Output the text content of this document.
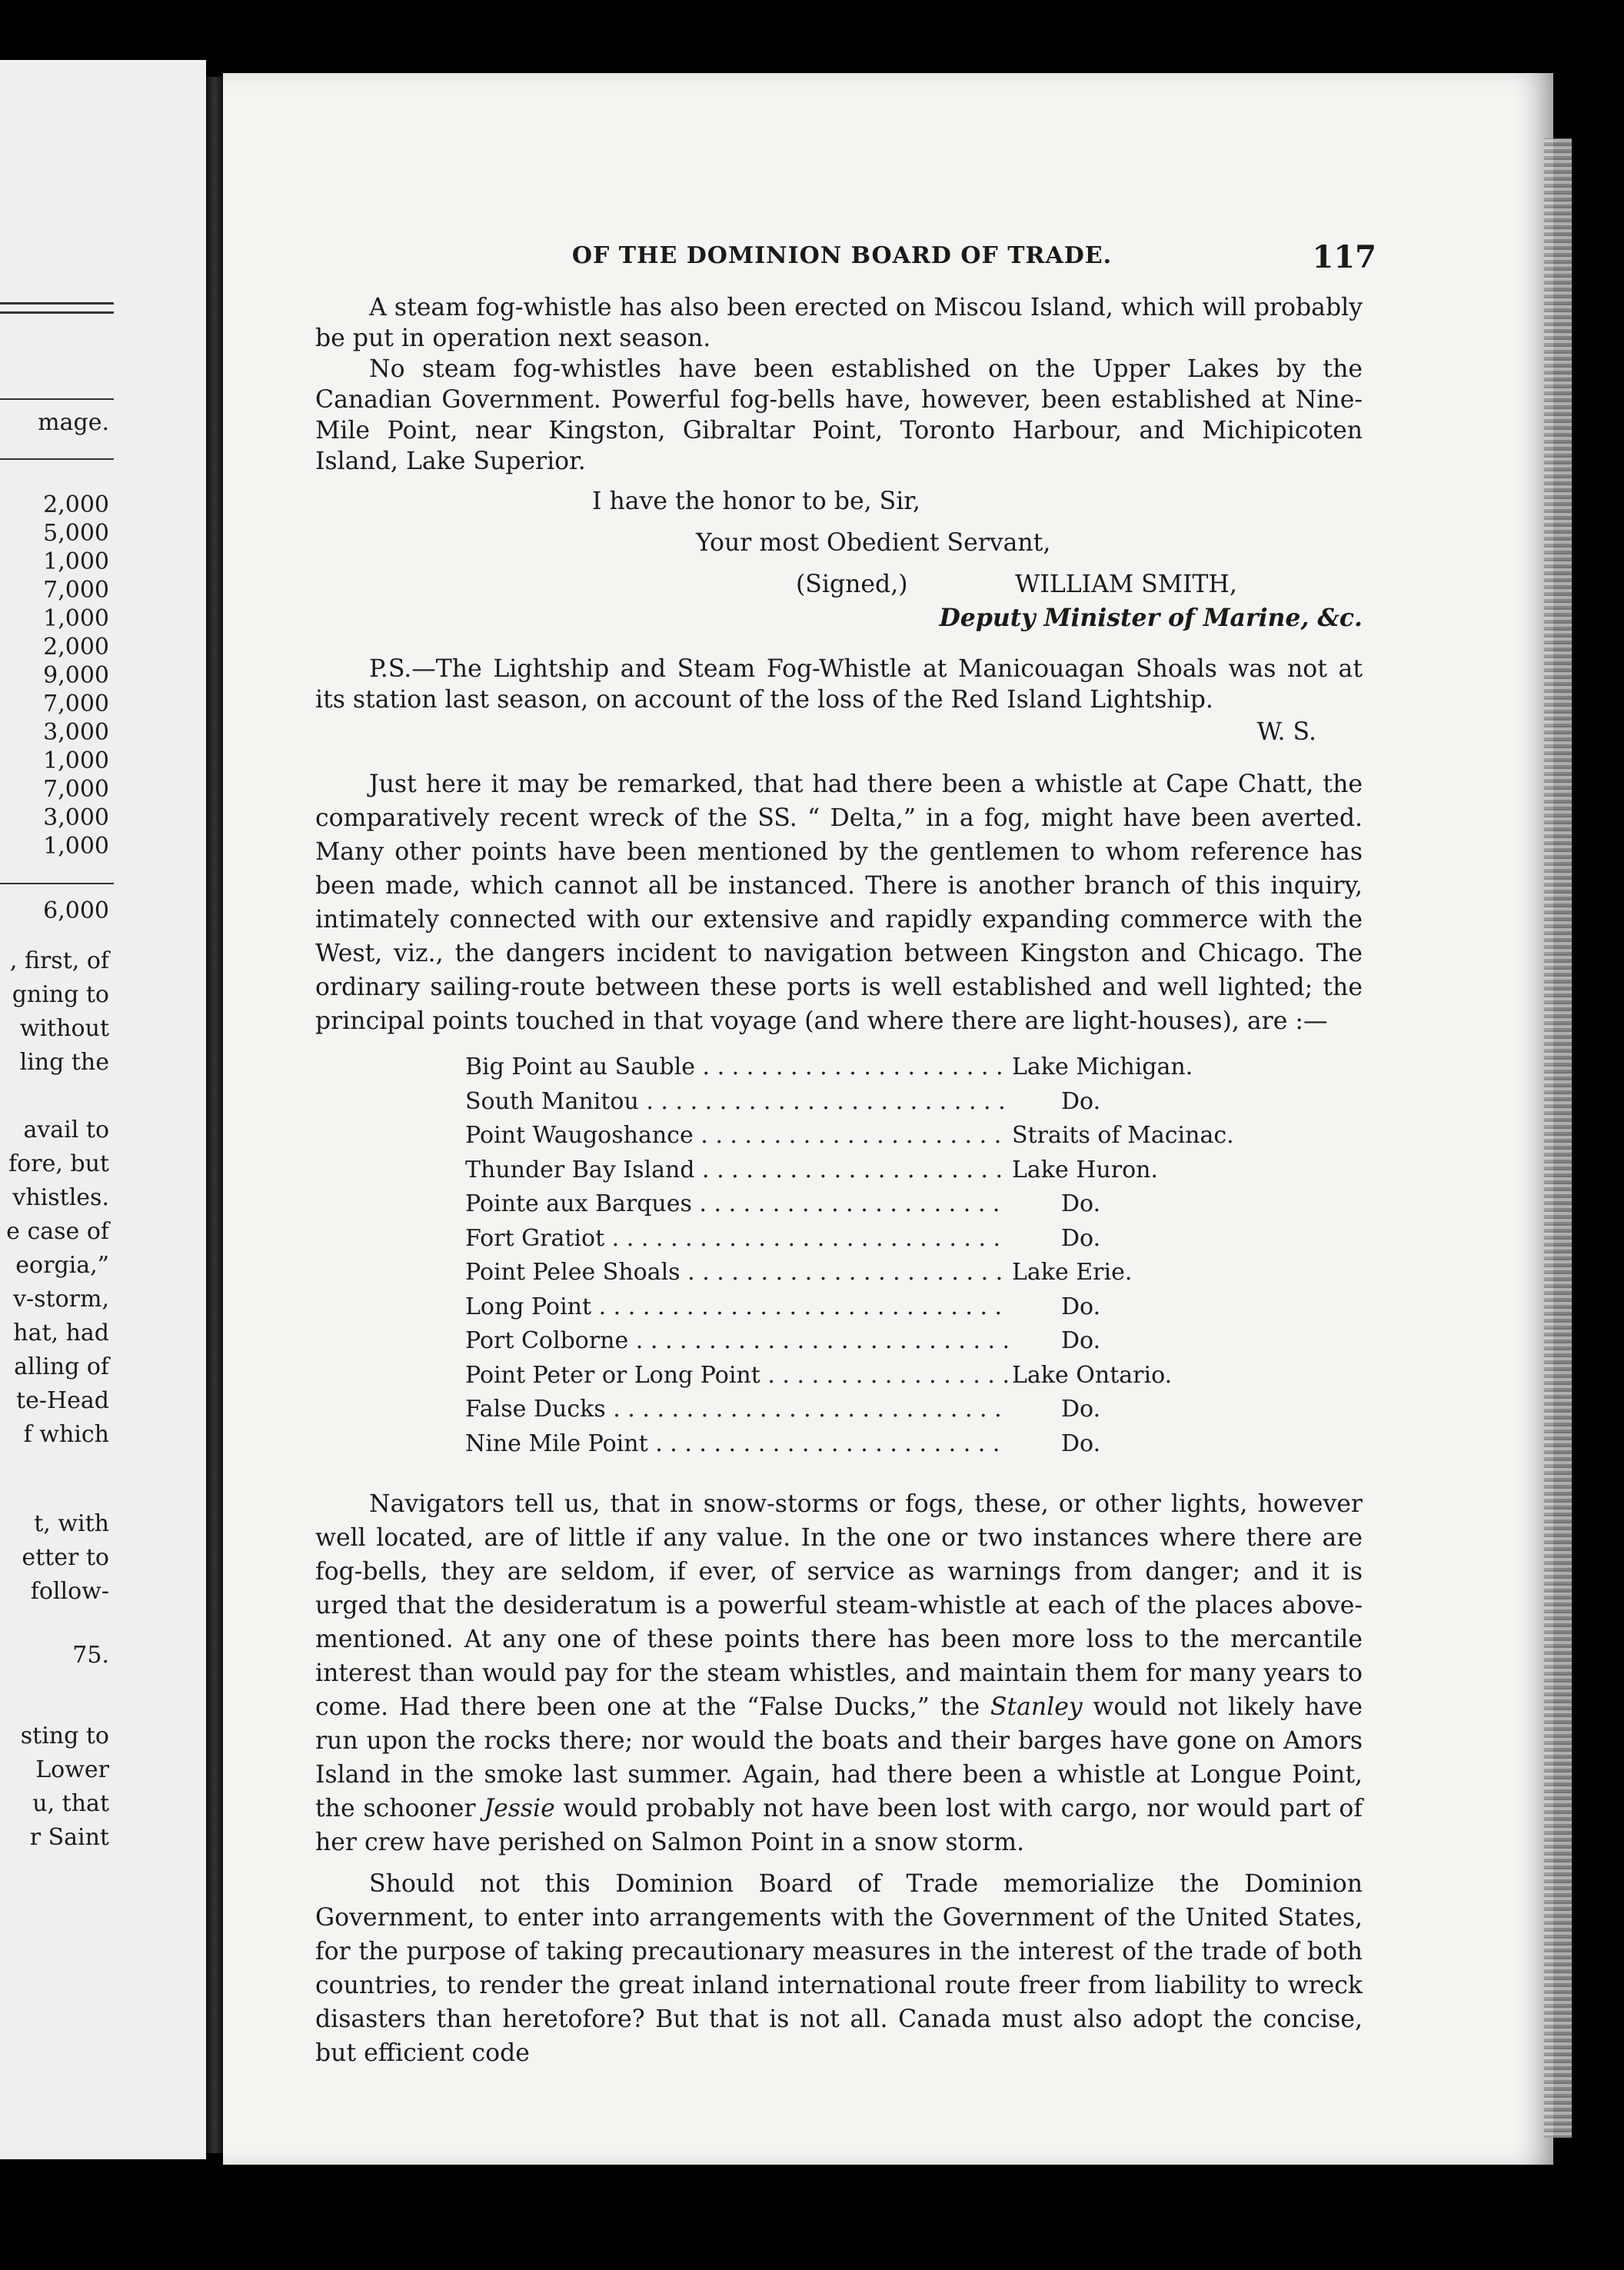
mage.
2,000
5,000
1,000
7,000
1,000
2,000
9,000
7,000
3,000
1,000
7,000
3,000
1,000
6,000
, first, of
gning to
without
ling the
avail to
fore, but
vhistles.
e case of
eorgia,”
v-storm,
hat, had
alling of
te-Head
f which
t, with
etter to
follow-
75.
sting to
Lower
u, that
r Saint
OF THE DOMINION BOARD OF TRADE.	117

A steam fog-whistle has also been erected on Miscou Island, which will probably be put in operation next season.

No steam fog-whistles have been established on the Upper Lakes by the Canadian Government. Powerful fog-bells have, however, been established at Nine-Mile Point, near Kingston, Gibraltar Point, Toronto Harbour, and Michipicoten Island, Lake Superior.

I have the honor to be, Sir,

Your most Obedient Servant,

(Signed,)	WILLIAM SMITH,

Deputy Minister of Marine, &c.

P.S.—The Lightship and Steam Fog-Whistle at Manicouagan Shoals was not at its station last season, on account of the loss of the Red Island Lightship.

W. S.

Just here it may be remarked, that had there been a whistle at Cape Chatt, the comparatively recent wreck of the SS. “ Delta,” in a fog, might have been averted. Many other points have been mentioned by the gentlemen to whom reference has been made, which cannot all be instanced. There is another branch of this inquiry, intimately connected with our extensive and rapidly expanding commerce with the West, viz., the dangers incident to navigation between Kingston and Chicago. The ordinary sailing-route between these ports is well established and well lighted; the principal points touched in that voyage (and where there are light-houses), are :—

Big Point au Sauble . . .	Lake Michigan.
South Manitou . . .	Do.
Point Waugoshance . . .	Straits of Macinac.
Thunder Bay Island . . .	Lake Huron.
Pointe aux Barques . . .	Do.
Fort Gratiot . . .	Do.
Point Pelee Shoals . . .	Lake Erie.
Long Point . . .	Do.
Port Colborne . . .	Do.
Point Peter or Long Point . . .	Lake Ontario.
False Ducks . . .	Do.
Nine Mile Point . . .	Do.

Navigators tell us, that in snow-storms or fogs, these, or other lights, however well located, are of little if any value. In the one or two instances where there are fog-bells, they are seldom, if ever, of service as warnings from danger; and it is urged that the desideratum is a powerful steam-whistle at each of the places above-mentioned. At any one of these points there has been more loss to the mercantile interest than would pay for the steam whistles, and maintain them for many years to come. Had there been one at the “False Ducks,” the Stanley would not likely have run upon the rocks there; nor would the boats and their barges have gone on Amors Island in the smoke last summer. Again, had there been a whistle at Longue Point, the schooner Jessie would probably not have been lost with cargo, nor would part of her crew have perished on Salmon Point in a snow storm.

Should not this Dominion Board of Trade memorialize the Dominion Government, to enter into arrangements with the Government of the United States, for the purpose of taking precautionary measures in the interest of the trade of both countries, to render the great inland international route freer from liability to wreck disasters than heretofore? But that is not all. Canada must also adopt the concise, but efficient code
